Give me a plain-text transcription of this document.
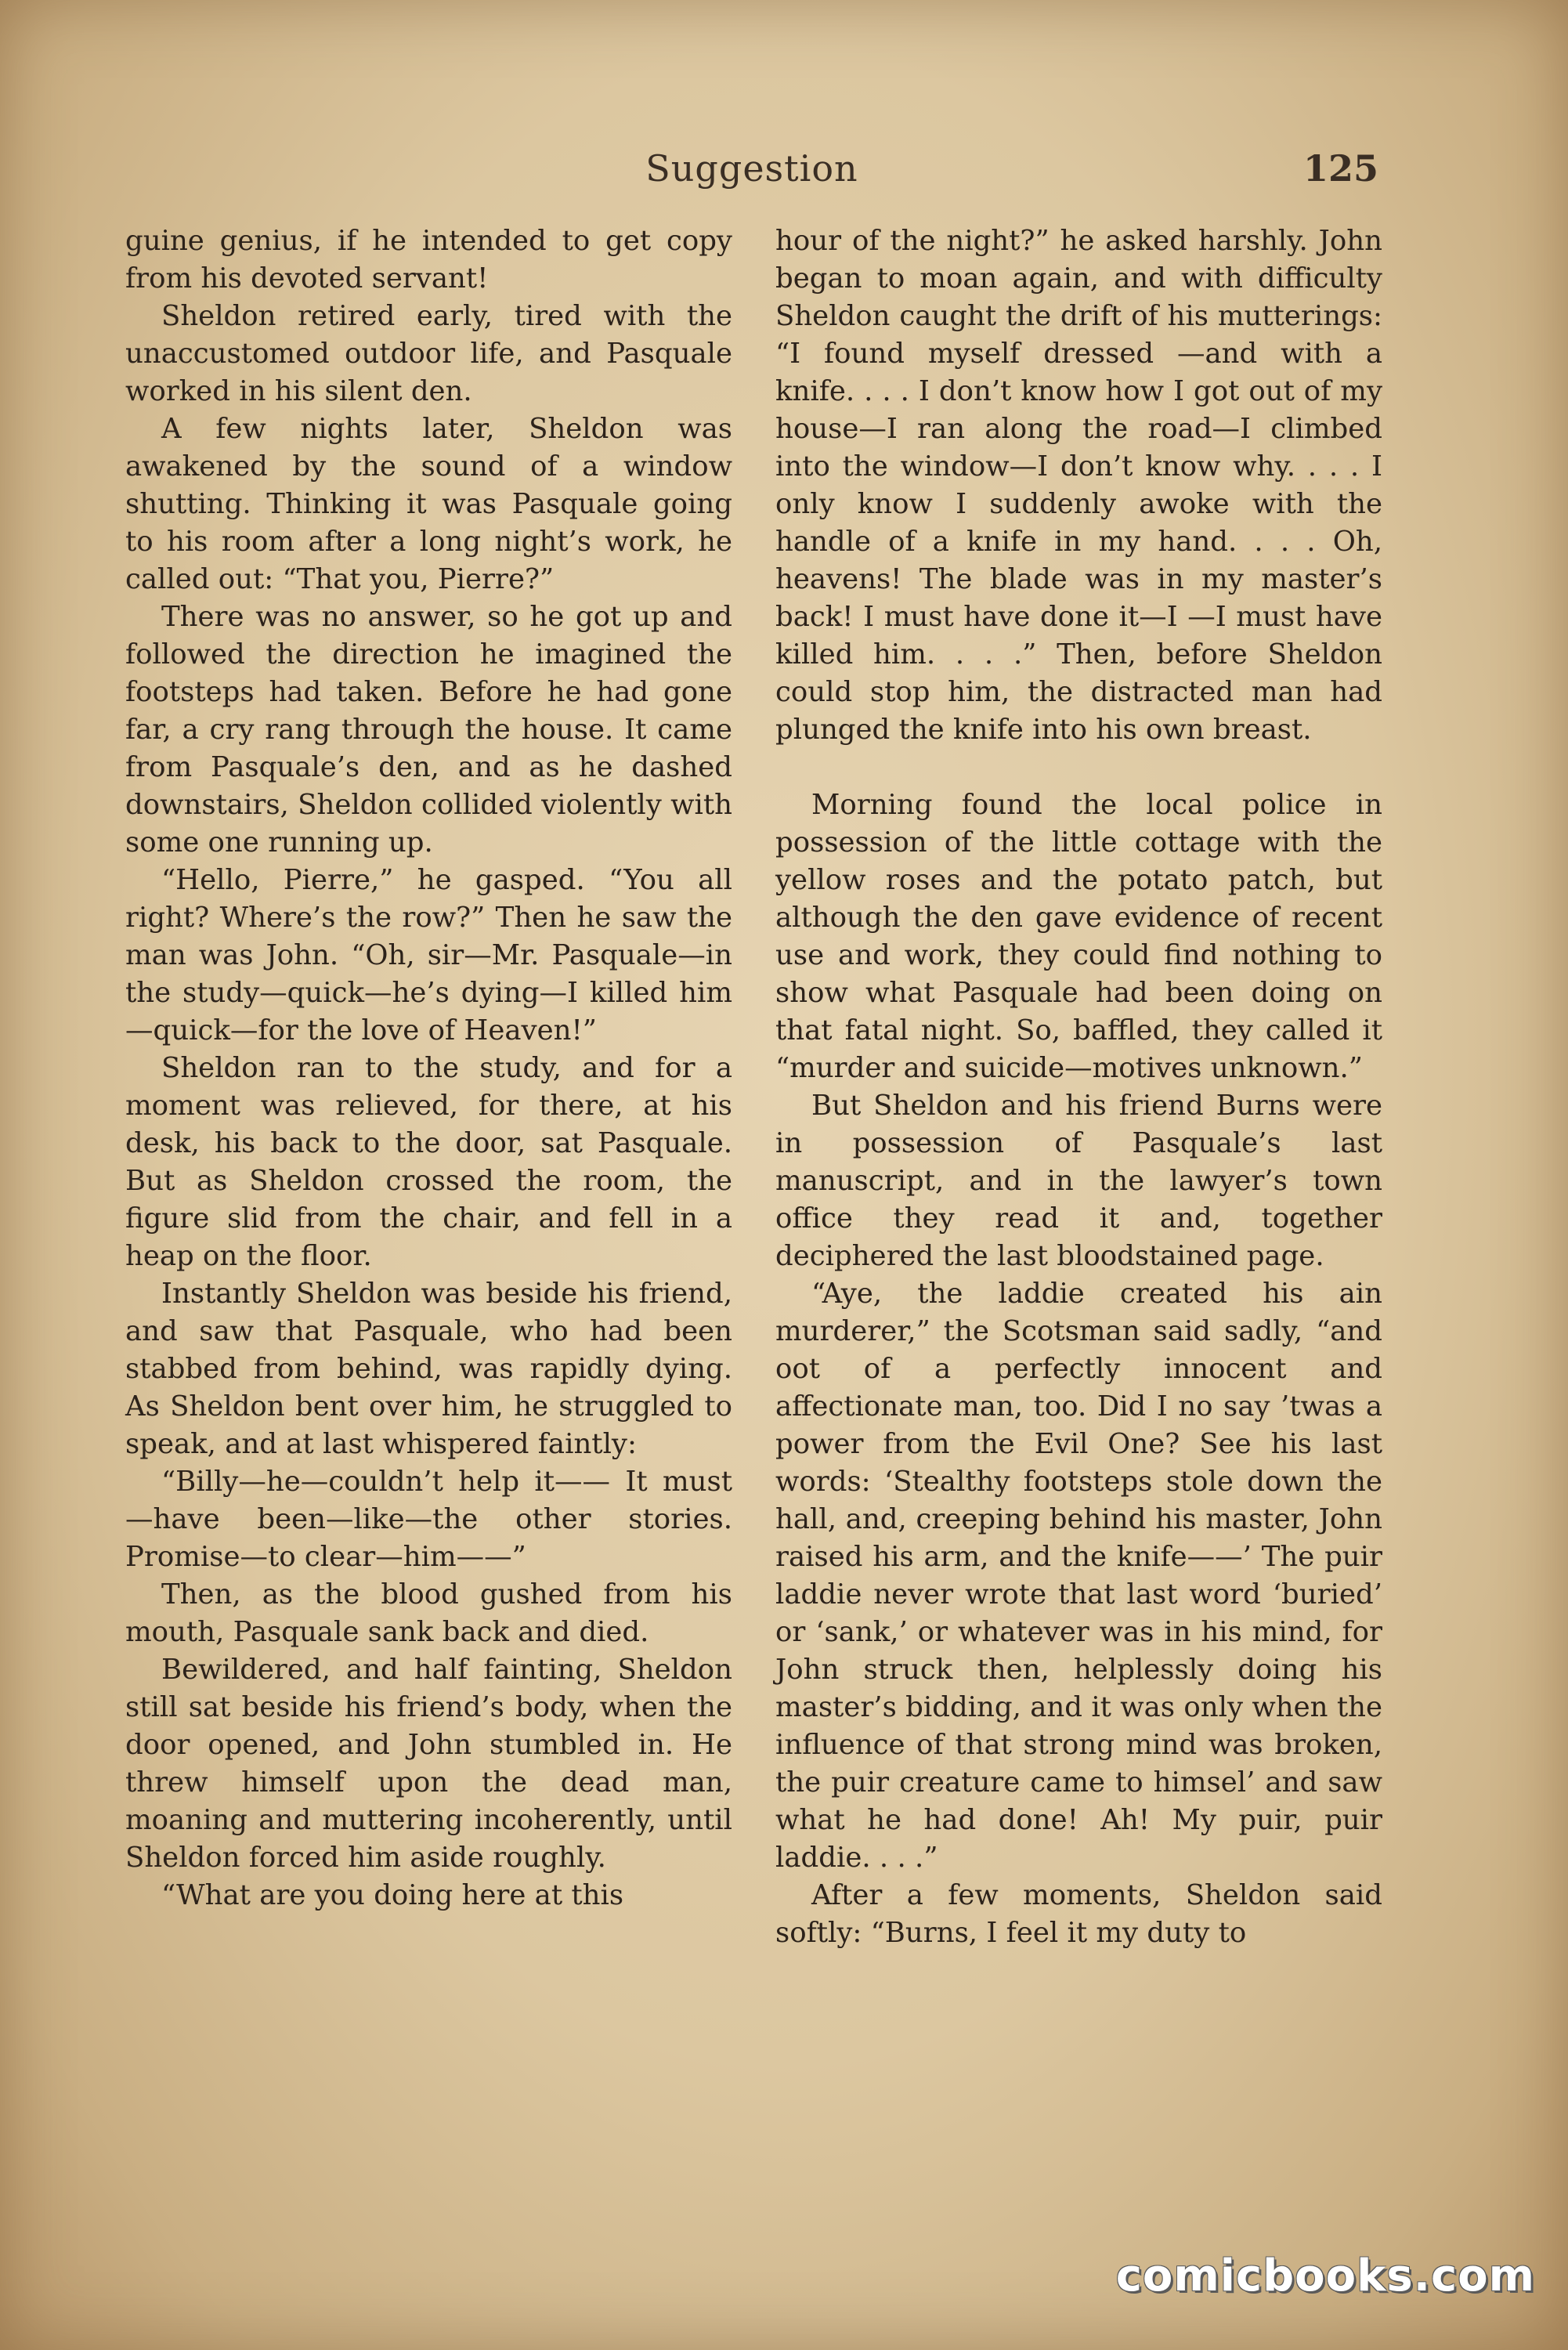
Suggestion	125

guine genius, if he intended to get copy from his devoted servant!

Sheldon retired early, tired with the unaccustomed outdoor life, and Pasquale worked in his silent den.

A few nights later, Sheldon was awakened by the sound of a window shutting. Thinking it was Pasquale going to his room after a long night’s work, he called out: “That you, Pierre?”

There was no answer, so he got up and followed the direction he imagined the footsteps had taken. Before he had gone far, a cry rang through the house. It came from Pasquale’s den, and as he dashed downstairs, Sheldon collided violently with some one running up.

“Hello, Pierre,” he gasped. “You all right? Where’s the row?” Then he saw the man was John. “Oh, sir—Mr. Pasquale—in the study—quick—he’s dying—I killed him—quick—for the love of Heaven!”

Sheldon ran to the study, and for a moment was relieved, for there, at his desk, his back to the door, sat Pasquale. But as Sheldon crossed the room, the figure slid from the chair, and fell in a heap on the floor.

Instantly Sheldon was beside his friend, and saw that Pasquale, who had been stabbed from behind, was rapidly dying. As Sheldon bent over him, he struggled to speak, and at last whispered faintly:

“Billy—he—couldn’t help it—— It must—have been—like—the other stories. Promise—to clear—him——”

Then, as the blood gushed from his mouth, Pasquale sank back and died.

Bewildered, and half fainting, Sheldon still sat beside his friend’s body, when the door opened, and John stumbled in. He threw himself upon the dead man, moaning and muttering incoherently, until Sheldon forced him aside roughly.

“What are you doing here at this

hour of the night?” he asked harshly. John began to moan again, and with difficulty Sheldon caught the drift of his mutterings: “I found myself dressed —and with a knife. . . . I don’t know how I got out of my house—I ran along the road—I climbed into the window—I don’t know why. . . . I only know I suddenly awoke with the handle of a knife in my hand. . . . Oh, heavens! The blade was in my master’s back! I must have done it—I —I must have killed him. . . .” Then, before Sheldon could stop him, the distracted man had plunged the knife into his own breast.

Morning found the local police in possession of the little cottage with the yellow roses and the potato patch, but although the den gave evidence of recent use and work, they could find nothing to show what Pasquale had been doing on that fatal night. So, baffled, they called it “murder and suicide—motives unknown.”

But Sheldon and his friend Burns were in possession of Pasquale’s last manuscript, and in the lawyer’s town office they read it and, together deciphered the last bloodstained page.

“Aye, the laddie created his ain murderer,” the Scotsman said sadly, “and oot of a perfectly innocent and affectionate man, too. Did I no say ’twas a power from the Evil One? See his last words: ‘Stealthy footsteps stole down the hall, and, creeping behind his master, John raised his arm, and the knife——’ The puir laddie never wrote that last word ‘buried’ or ‘sank,’ or whatever was in his mind, for John struck then, helplessly doing his master’s bidding, and it was only when the influence of that strong mind was broken, the puir creature came to himsel’ and saw what he had done! Ah! My puir, puir laddie. . . .”

After a few moments, Sheldon said softly: “Burns, I feel it my duty to

comicbooks.com
